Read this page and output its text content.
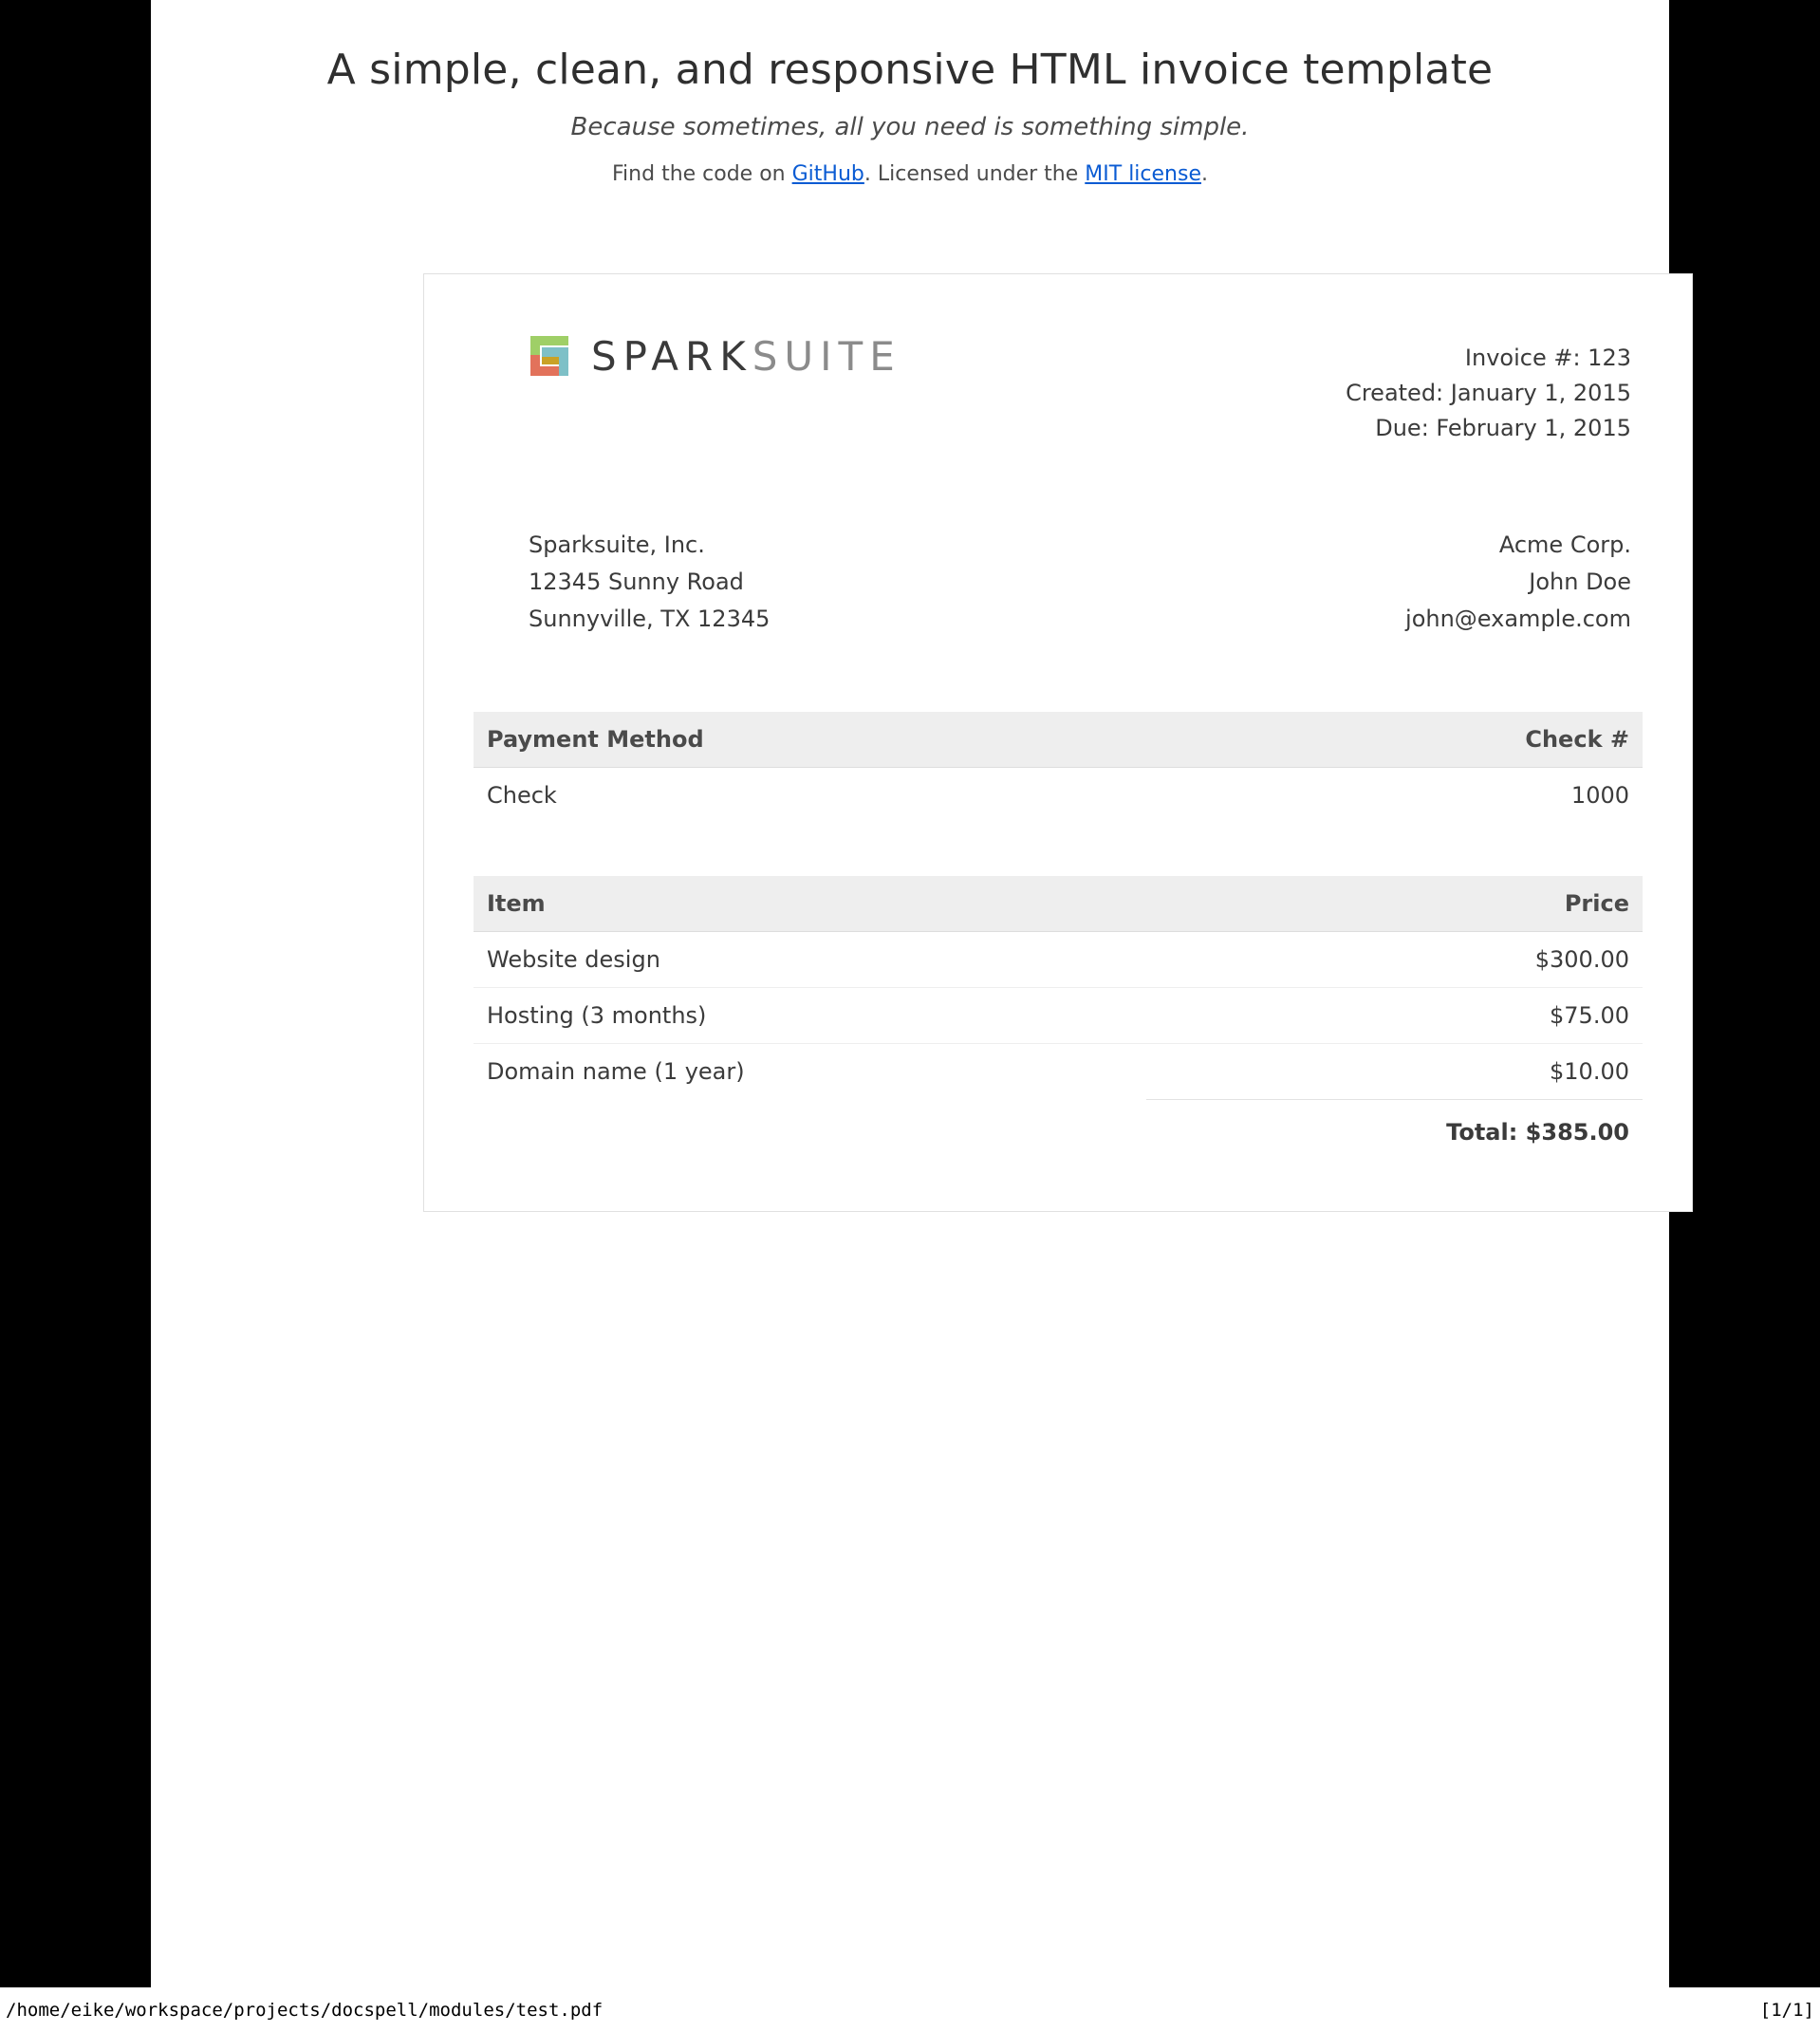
A simple, clean, and responsive HTML invoice template

Because sometimes, all you need is something simple.

Find the code on GitHub. Licensed under the MIT license.

SPARKSUITE	Invoice #: 123
Created: January 1, 2015
Due: February 1, 2015
Sparksuite, Inc.
12345 Sunny Road
Sunnyville, TX 12345
Acme Corp.
John Doe
john@example.com
Payment Method	Check #
Check	1000

Item	Price
Website design	$300.00
Hosting (3 months)	$75.00
Domain name (1 year)	$10.00
	Total: $385.00
/home/eike/workspace/projects/docspell/modules/test.pdf	[1/1]
